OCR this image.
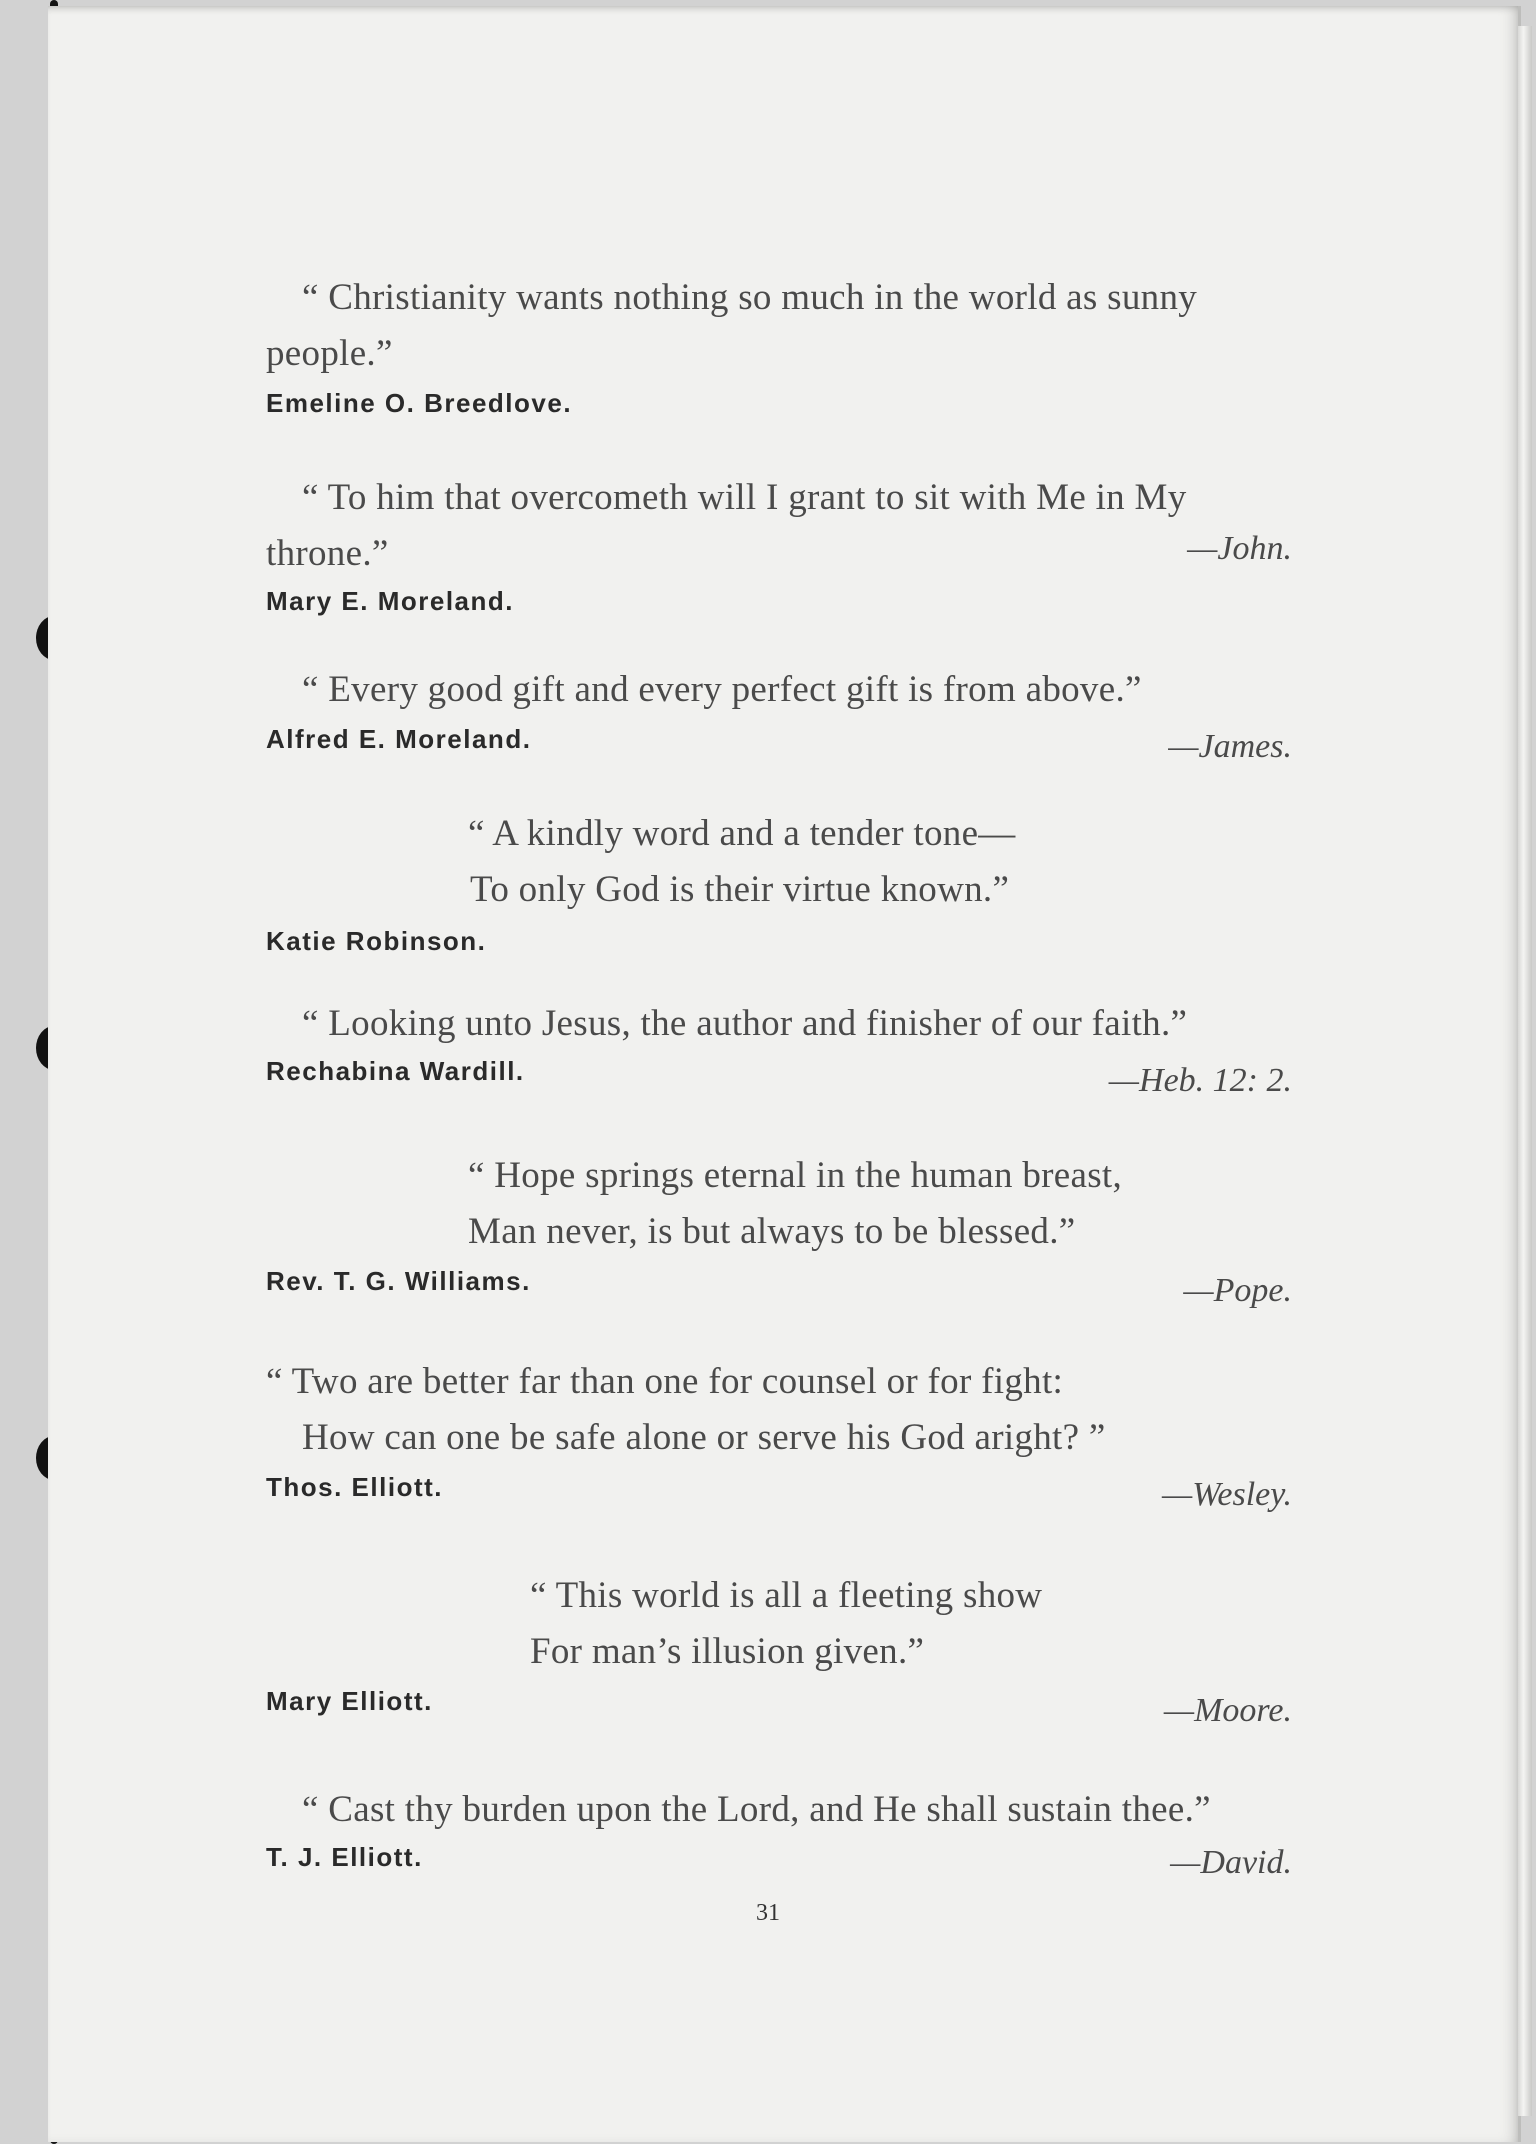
“ Christianity wants nothing so much in the world as sunny
people.”
Emeline O. Breedlove.
“ To him that overcometh will I grant to sit with Me in My
throne.”	—John.
Mary E. Moreland.
“ Every good gift and every perfect gift is from above.”
Alfred E. Moreland.	—James.
“ A kindly word and a tender tone—
To only God is their virtue known.”
Katie Robinson.
“ Looking unto Jesus, the author and finisher of our faith.”
Rechabina Wardill.	—Heb. 12: 2.
“ Hope springs eternal in the human breast,
Man never, is but always to be blessed.”
Rev. T. G. Williams.	—Pope.
“ Two are better far than one for counsel or for fight:
How can one be safe alone or serve his God aright? ”
Thos. Elliott.	—Wesley.
“ This world is all a fleeting show
For man’s illusion given.”
Mary Elliott.	—Moore.
“ Cast thy burden upon the Lord, and He shall sustain thee.”
T. J. Elliott.	—David.
31
